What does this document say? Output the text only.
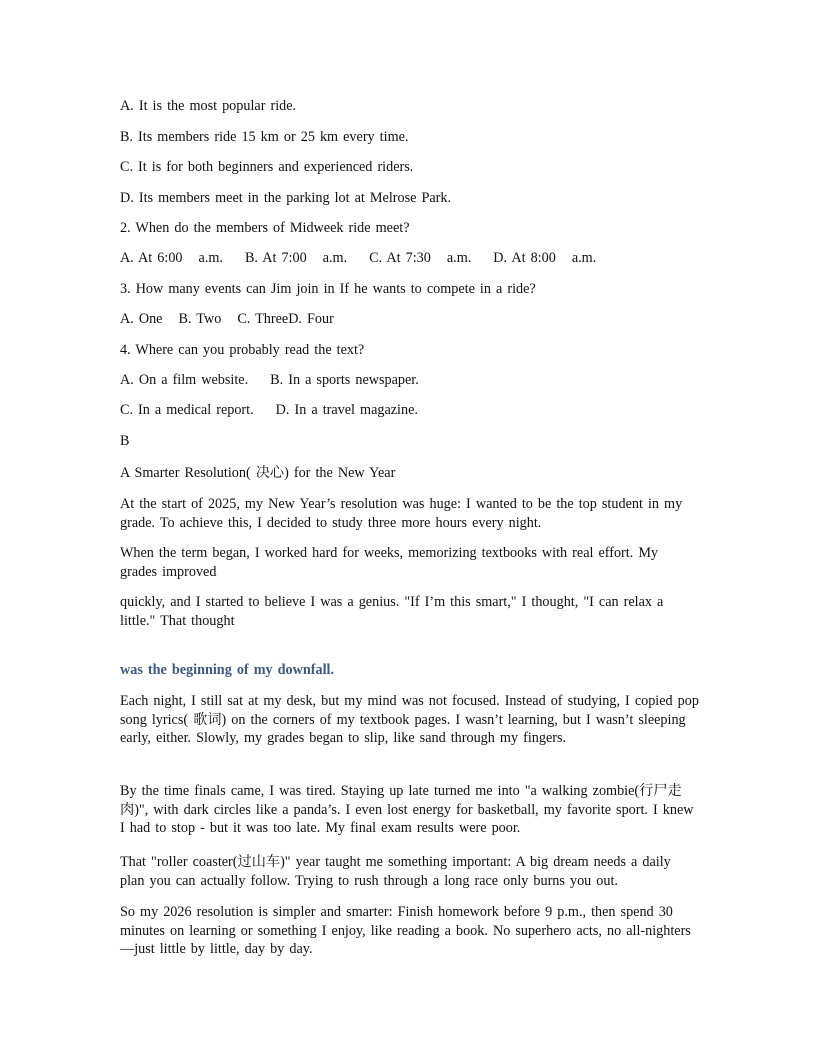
A. It is the most popular ride.
B. Its members ride 15 km or 25 km every time.
C. It is for both beginners and experienced riders.
D. Its members meet in the parking lot at Melrose Park.
2. When do the members of Midweek ride meet?
A. At 6:00 a.m. B. At 7:00 a.m. C. At 7:30 a.m. D. At 8:00 a.m.
3. How many events can Jim join in If he wants to compete in a ride?
A. One B. Two C. ThreeD. Four
4. Where can you probably read the text?
A. On a film website. B. In a sports newspaper.
C. In a medical report. D. In a travel magazine.
B
A Smarter Resolution( 决心) for the New Year
At the start of 2025, my New Year’s resolution was huge: I wanted to be the top student in my grade. To achieve this, I decided to study three more hours every night.
When the term began, I worked hard for weeks, memorizing textbooks with real effort. My grades improved
quickly, and I started to believe I was a genius. "If I’m this smart," I thought, "I can relax a little." That thought
was the beginning of my downfall.
Each night, I still sat at my desk, but my mind was not focused. Instead of studying, I copied pop song lyrics( 歌词) on the corners of my textbook pages. I wasn’t learning, but I wasn’t sleeping early, either. Slowly, my grades began to slip, like sand through my fingers.
By the time finals came, I was tired. Staying up late turned me into "a walking zombie(行尸走肉)", with dark circles like a panda’s. I even lost energy for basketball, my favorite sport. I knew I had to stop - but it was too late. My final exam results were poor.
That "roller coaster(过山车)" year taught me something important: A big dream needs a daily plan you can actually follow. Trying to rush through a long race only burns you out.
So my 2026 resolution is simpler and smarter: Finish homework before 9 p.m., then spend 30 minutes on learning or something I enjoy, like reading a book. No superhero acts, no all-nighters —just little by little, day by day.
